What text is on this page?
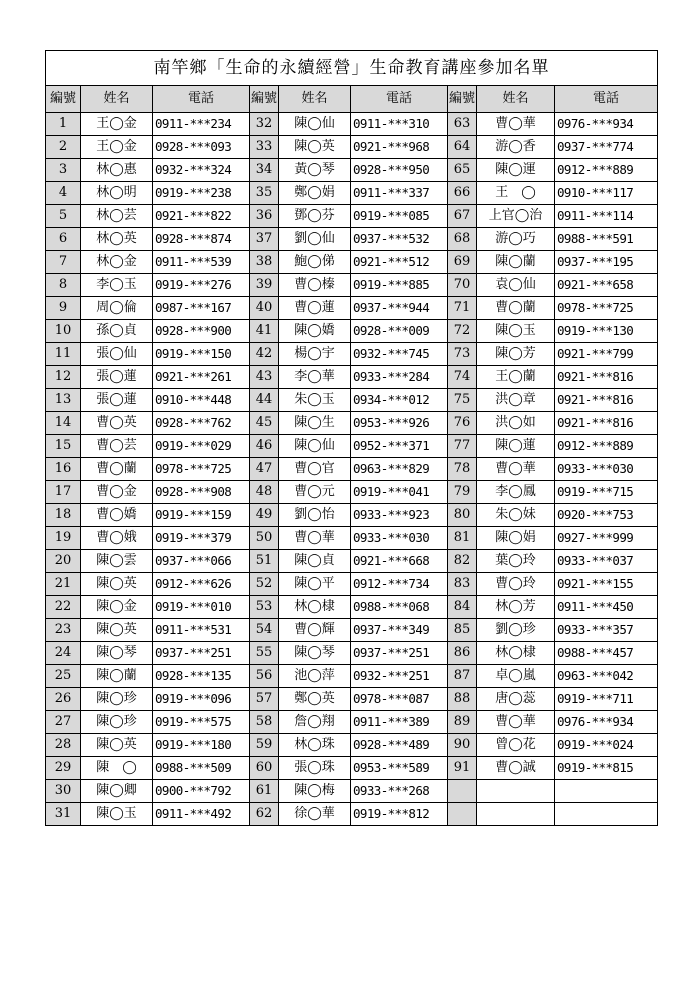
南竿鄉「生命的永續經營」生命教育講座參加名單								
編號	姓名	電話	編號	姓名	電話	編號	姓名	電話
1	王◯金	0911-***234	32	陳◯仙	0911-***310	63	曹◯華	0976-***934
2	王◯金	0928-***093	33	陳◯英	0921-***968	64	游◯香	0937-***774
3	林◯惠	0932-***324	34	黃◯琴	0928-***950	65	陳◯運	0912-***889
4	林◯明	0919-***238	35	鄭◯娟	0911-***337	66	王　◯	0910-***117
5	林◯芸	0921-***822	36	鄧◯芬	0919-***085	67	上官◯治	0911-***114
6	林◯英	0928-***874	37	劉◯仙	0937-***532	68	游◯巧	0988-***591
7	林◯金	0911-***539	38	鮑◯俤	0921-***512	69	陳◯蘭	0937-***195
8	李◯玉	0919-***276	39	曹◯榛	0919-***885	70	袁◯仙	0921-***658
9	周◯倫	0987-***167	40	曹◯蓮	0937-***944	71	曹◯蘭	0978-***725
10	孫◯貞	0928-***900	41	陳◯嬌	0928-***009	72	陳◯玉	0919-***130
11	張◯仙	0919-***150	42	楊◯宇	0932-***745	73	陳◯芳	0921-***799
12	張◯蓮	0921-***261	43	李◯華	0933-***284	74	王◯蘭	0921-***816
13	張◯蓮	0910-***448	44	朱◯玉	0934-***012	75	洪◯章	0921-***816
14	曹◯英	0928-***762	45	陳◯生	0953-***926	76	洪◯如	0921-***816
15	曹◯芸	0919-***029	46	陳◯仙	0952-***371	77	陳◯蓮	0912-***889
16	曹◯蘭	0978-***725	47	曹◯官	0963-***829	78	曹◯華	0933-***030
17	曹◯金	0928-***908	48	曹◯元	0919-***041	79	李◯鳳	0919-***715
18	曹◯嬌	0919-***159	49	劉◯怡	0933-***923	80	朱◯妹	0920-***753
19	曹◯娥	0919-***379	50	曹◯華	0933-***030	81	陳◯娟	0927-***999
20	陳◯雲	0937-***066	51	陳◯貞	0921-***668	82	葉◯玲	0933-***037
21	陳◯英	0912-***626	52	陳◯平	0912-***734	83	曹◯玲	0921-***155
22	陳◯金	0919-***010	53	林◯棣	0988-***068	84	林◯芳	0911-***450
23	陳◯英	0911-***531	54	曹◯輝	0937-***349	85	劉◯珍	0933-***357
24	陳◯琴	0937-***251	55	陳◯琴	0937-***251	86	林◯棣	0988-***457
25	陳◯蘭	0928-***135	56	池◯萍	0932-***251	87	卓◯嵐	0963-***042
26	陳◯珍	0919-***096	57	鄭◯英	0978-***087	88	唐◯蕊	0919-***711
27	陳◯珍	0919-***575	58	詹◯翔	0911-***389	89	曹◯華	0976-***934
28	陳◯英	0919-***180	59	林◯珠	0928-***489	90	曾◯花	0919-***024
29	陳　◯	0988-***509	60	張◯珠	0953-***589	91	曹◯誠	0919-***815
30	陳◯卿	0900-***792	61	陳◯梅	0933-***268			
31	陳◯玉	0911-***492	62	徐◯華	0919-***812			
